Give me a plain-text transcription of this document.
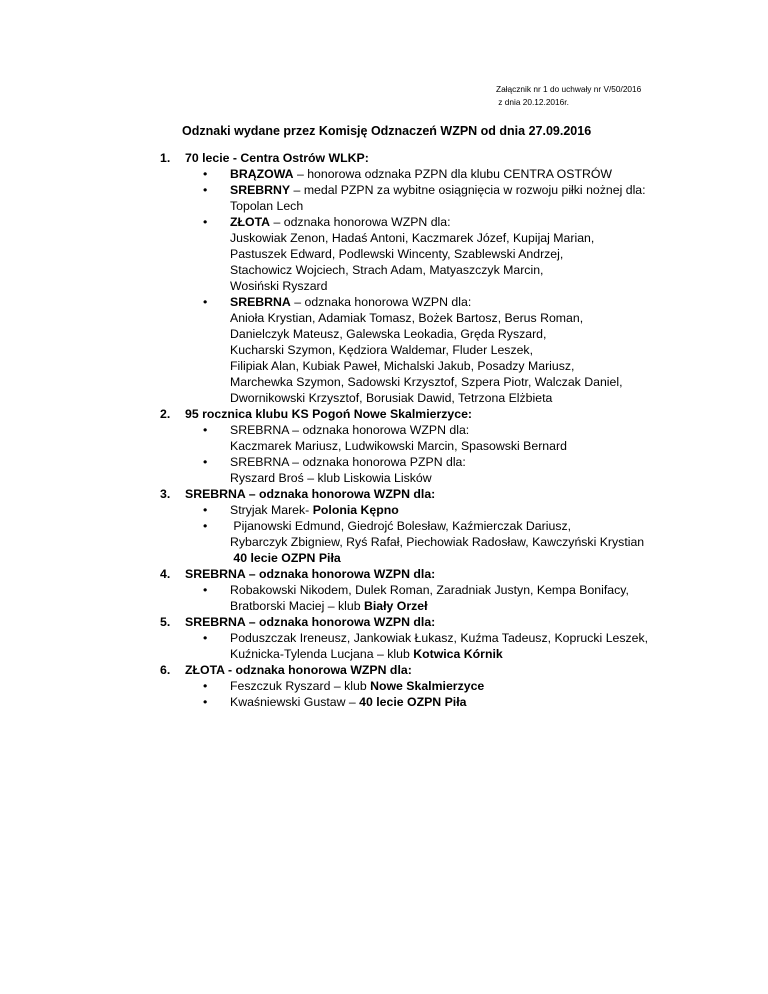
Załącznik nr 1 do uchwały nr V/50/2016
z dnia 20.12.2016r.
Odznaki wydane przez Komisję Odznaczeń WZPN od dnia 27.09.2016
1.	70 lecie - Centra Ostrów WLKP:
• BRĄZOWA – honorowa odznaka PZPN dla klubu CENTRA OSTRÓW
• SREBRNY – medal PZPN za wybitne osiągnięcia w rozwoju piłki nożnej dla:
Topolan Lech
• ZŁOTA – odznaka honorowa WZPN dla:
Juskowiak Zenon, Hadaś Antoni, Kaczmarek Józef, Kupijaj Marian,
Pastuszek Edward, Podlewski Wincenty, Szablewski Andrzej,
Stachowicz Wojciech, Strach Adam, Matyaszczyk Marcin,
Wosiński Ryszard
• SREBRNA – odznaka honorowa WZPN dla:
Anioła Krystian, Adamiak Tomasz, Bożek Bartosz, Berus Roman,
Danielczyk Mateusz, Galewska Leokadia, Gręda Ryszard,
Kucharski Szymon, Kędziora Waldemar, Fluder Leszek,
Filipiak Alan, Kubiak Paweł, Michalski Jakub, Posadzy Mariusz,
Marchewka Szymon, Sadowski Krzysztof, Szpera Piotr, Walczak Daniel,
Dwornikowski Krzysztof, Borusiak Dawid, Tetrzona Elżbieta
2.	95 rocznica klubu KS Pogoń Nowe Skalmierzyce:
• SREBRNA – odznaka honorowa WZPN dla:
Kaczmarek Mariusz, Ludwikowski Marcin, Spasowski Bernard
• SREBRNA – odznaka honorowa PZPN dla:
Ryszard Broś – klub Liskowia Lisków
3.	SREBRNA – odznaka honorowa WZPN dla:
• Stryjak Marek- Polonia Kępno
• Pijanowski Edmund, Giedrojć Bolesław, Kaźmierczak Dariusz,
Rybarczyk Zbigniew, Ryś Rafał, Piechowiak Radosław, Kawczyński Krystian
40 lecie OZPN Piła
4.	SREBRNA – odznaka honorowa WZPN dla:
• Robakowski Nikodem, Dulek Roman, Zaradniak Justyn, Kempa Bonifacy,
Bratborski Maciej – klub Biały Orzeł
5.	SREBRNA – odznaka honorowa WZPN dla:
• Poduszczak Ireneusz, Jankowiak Łukasz, Kuźma Tadeusz, Koprucki Leszek,
Kuźnicka-Tylenda Lucjana – klub Kotwica Kórnik
6.	ZŁOTA - odznaka honorowa WZPN dla:
• Feszczuk Ryszard – klub Nowe Skalmierzyce
• Kwaśniewski Gustaw – 40 lecie OZPN Piła
